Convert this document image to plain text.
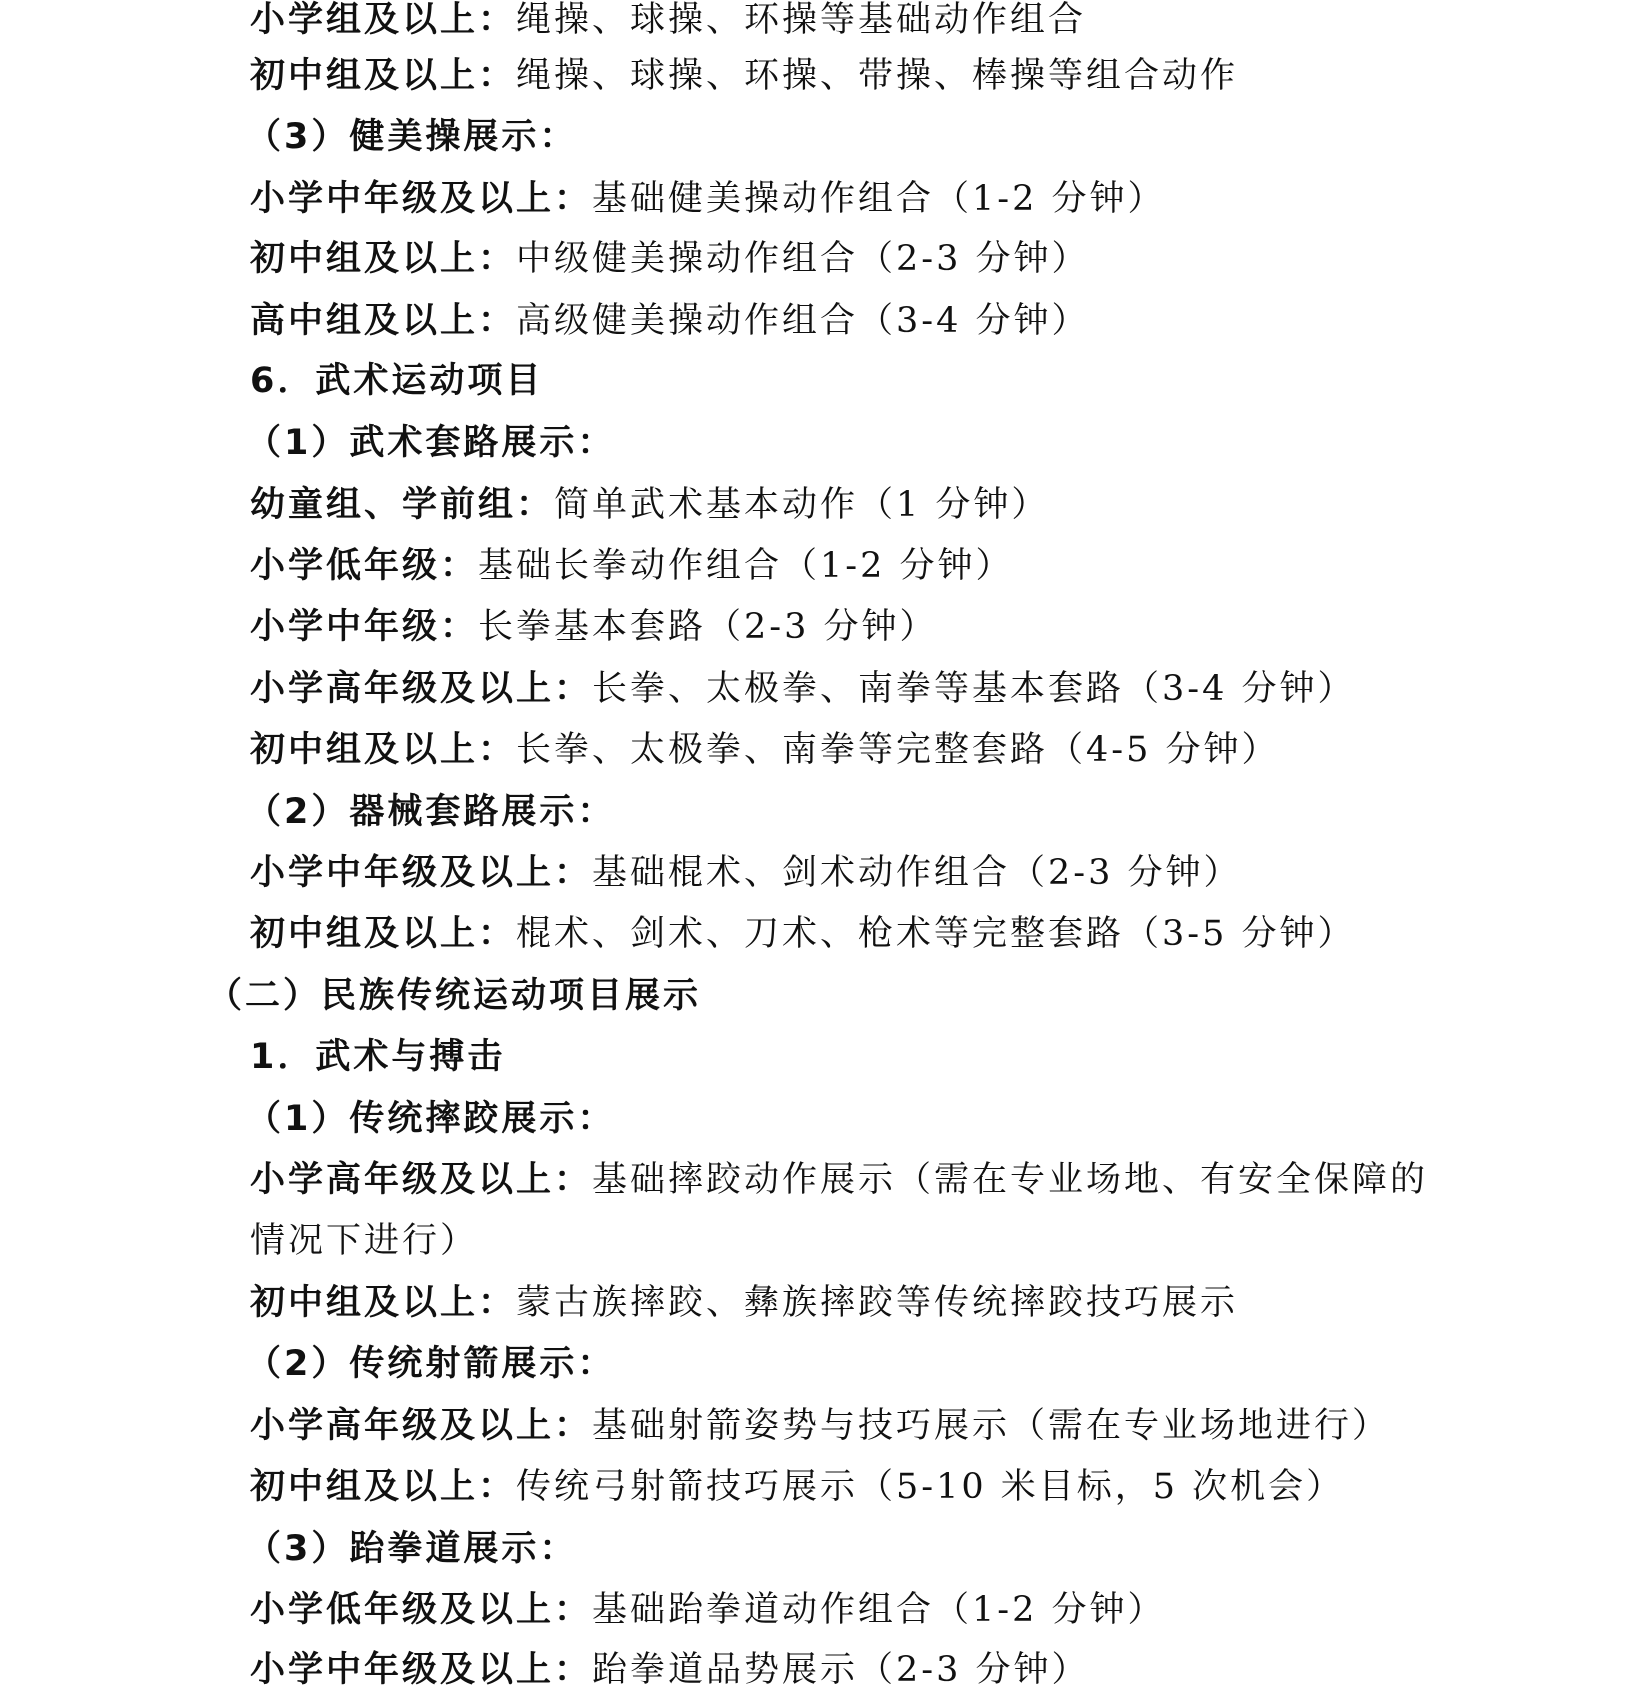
小学组及以上：绳操、球操、环操等基础动作组合
初中组及以上：绳操、球操、环操、带操、棒操等组合动作
（3）健美操展示：
小学中年级及以上：基础健美操动作组合（1-2 分钟）
初中组及以上：中级健美操动作组合（2-3 分钟）
高中组及以上：高级健美操动作组合（3-4 分钟）
6．武术运动项目
（1）武术套路展示：
幼童组、学前组：简单武术基本动作（1 分钟）
小学低年级：基础长拳动作组合（1-2 分钟）
小学中年级：长拳基本套路（2-3 分钟）
小学高年级及以上：长拳、太极拳、南拳等基本套路（3-4 分钟）
初中组及以上：长拳、太极拳、南拳等完整套路（4-5 分钟）
（2）器械套路展示：
小学中年级及以上：基础棍术、剑术动作组合（2-3 分钟）
初中组及以上：棍术、剑术、刀术、枪术等完整套路（3-5 分钟）
（二）民族传统运动项目展示
1．武术与搏击
（1）传统摔跤展示：
小学高年级及以上：基础摔跤动作展示（需在专业场地、有安全保障的
情况下进行）
初中组及以上：蒙古族摔跤、彝族摔跤等传统摔跤技巧展示
（2）传统射箭展示：
小学高年级及以上：基础射箭姿势与技巧展示（需在专业场地进行）
初中组及以上：传统弓射箭技巧展示（5-10 米目标，5 次机会）
（3）跆拳道展示：
小学低年级及以上：基础跆拳道动作组合（1-2 分钟）
小学中年级及以上：跆拳道品势展示（2-3 分钟）
